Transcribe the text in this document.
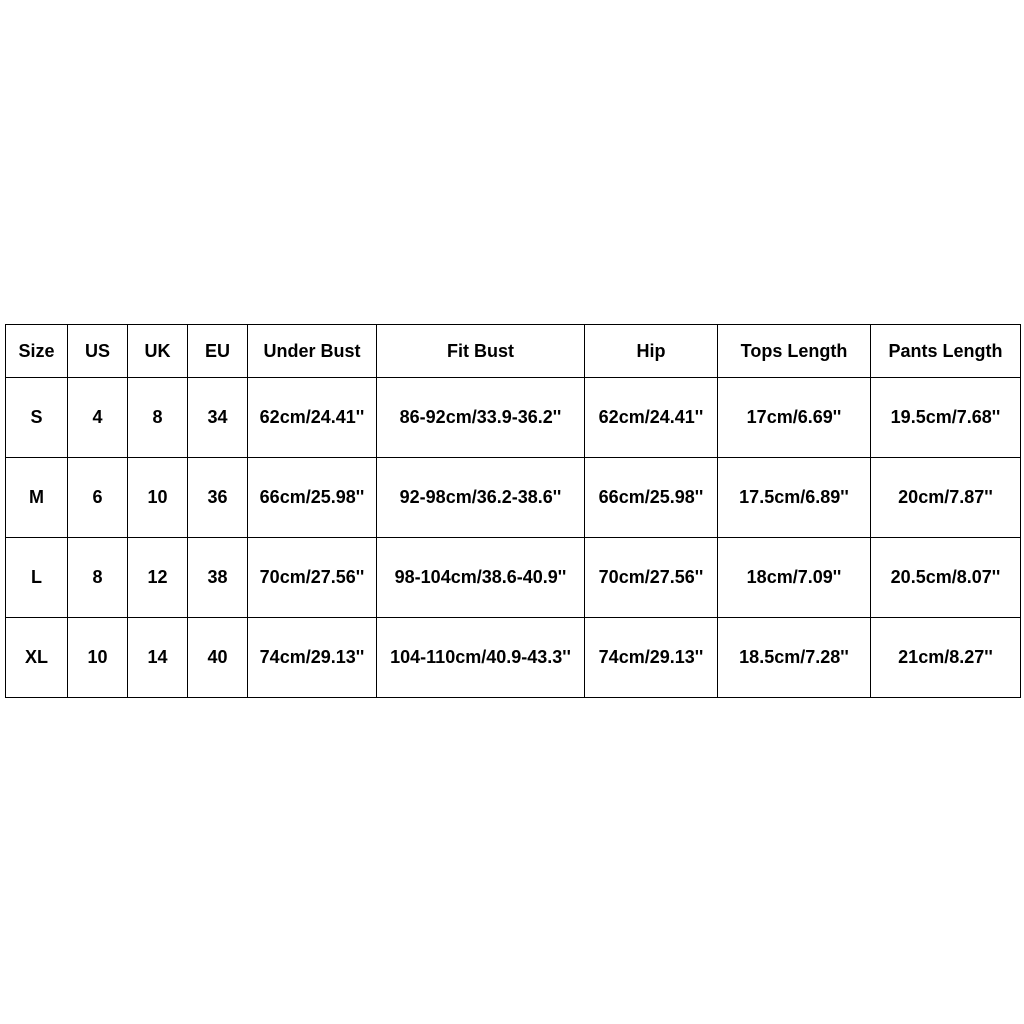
Size	US	UK	EU	Under Bust	Fit Bust	Hip	Tops Length	Pants Length
S	4	8	34	62cm/24.41''	86-92cm/33.9-36.2''	62cm/24.41''	17cm/6.69''	19.5cm/7.68''
M	6	10	36	66cm/25.98''	92-98cm/36.2-38.6''	66cm/25.98''	17.5cm/6.89''	20cm/7.87''
L	8	12	38	70cm/27.56''	98-104cm/38.6-40.9''	70cm/27.56''	18cm/7.09''	20.5cm/8.07''
XL	10	14	40	74cm/29.13''	104-110cm/40.9-43.3''	74cm/29.13''	18.5cm/7.28''	21cm/8.27''
